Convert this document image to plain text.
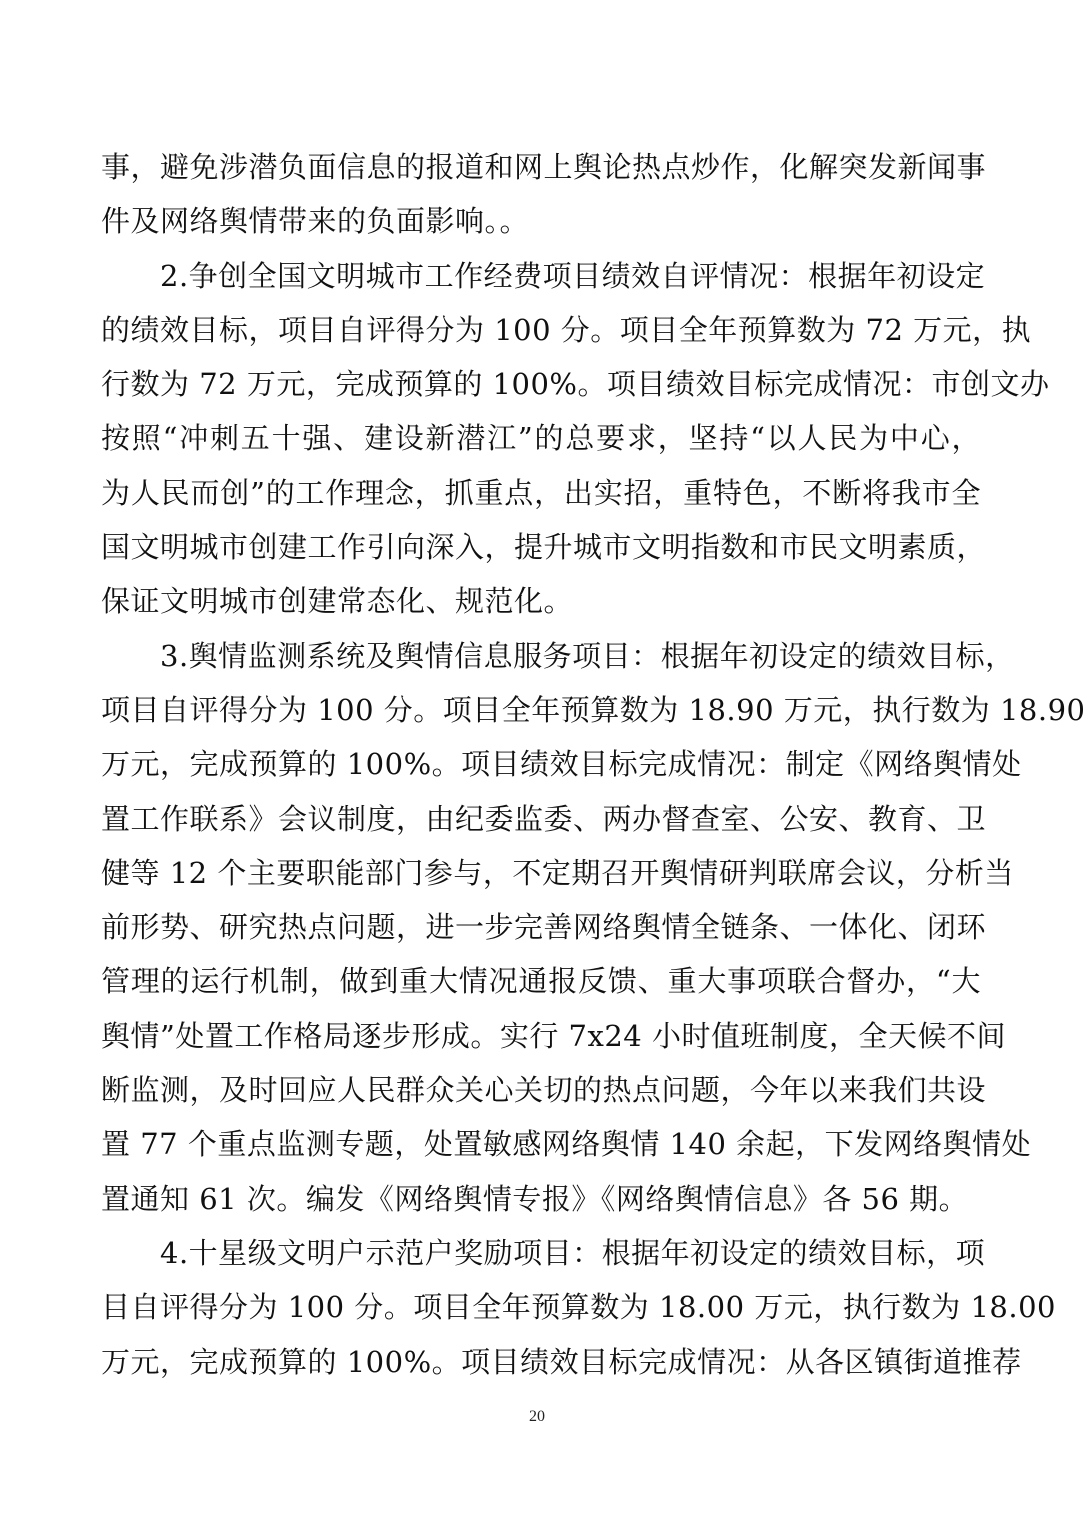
事，避免涉潜负面信息的报道和网上舆论热点炒作，化解突发新闻事
件及网络舆情带来的负面影响。。
2.争创全国文明城市工作经费项目绩效自评情况：根据年初设定
的绩效目标，项目自评得分为 100 分。项目全年预算数为 72 万元，执
行数为 72 万元，完成预算的 100%。项目绩效目标完成情况：市创文办
按照“冲刺五十强、建设新潜江”的总要求，坚持“以人民为中心，
为人民而创”的工作理念，抓重点，出实招，重特色，不断将我市全
国文明城市创建工作引向深入，提升城市文明指数和市民文明素质，
保证文明城市创建常态化、规范化。
3.舆情监测系统及舆情信息服务项目：根据年初设定的绩效目标，
项目自评得分为 100 分。项目全年预算数为 18.90 万元，执行数为 18.90
万元，完成预算的 100%。项目绩效目标完成情况：制定《网络舆情处
置工作联系》会议制度，由纪委监委、两办督查室、公安、教育、卫
健等 12 个主要职能部门参与，不定期召开舆情研判联席会议，分析当
前形势、研究热点问题，进一步完善网络舆情全链条、一体化、闭环
管理的运行机制，做到重大情况通报反馈、重大事项联合督办，“大
舆情”处置工作格局逐步形成。实行 7x24 小时值班制度，全天候不间
断监测，及时回应人民群众关心关切的热点问题，今年以来我们共设
置 77 个重点监测专题，处置敏感网络舆情 140 余起，下发网络舆情处
置通知 61 次。编发《网络舆情专报》《网络舆情信息》各 56 期。
4.十星级文明户示范户奖励项目：根据年初设定的绩效目标，项
目自评得分为 100 分。项目全年预算数为 18.00 万元，执行数为 18.00
万元，完成预算的 100%。项目绩效目标完成情况：从各区镇街道推荐
20
